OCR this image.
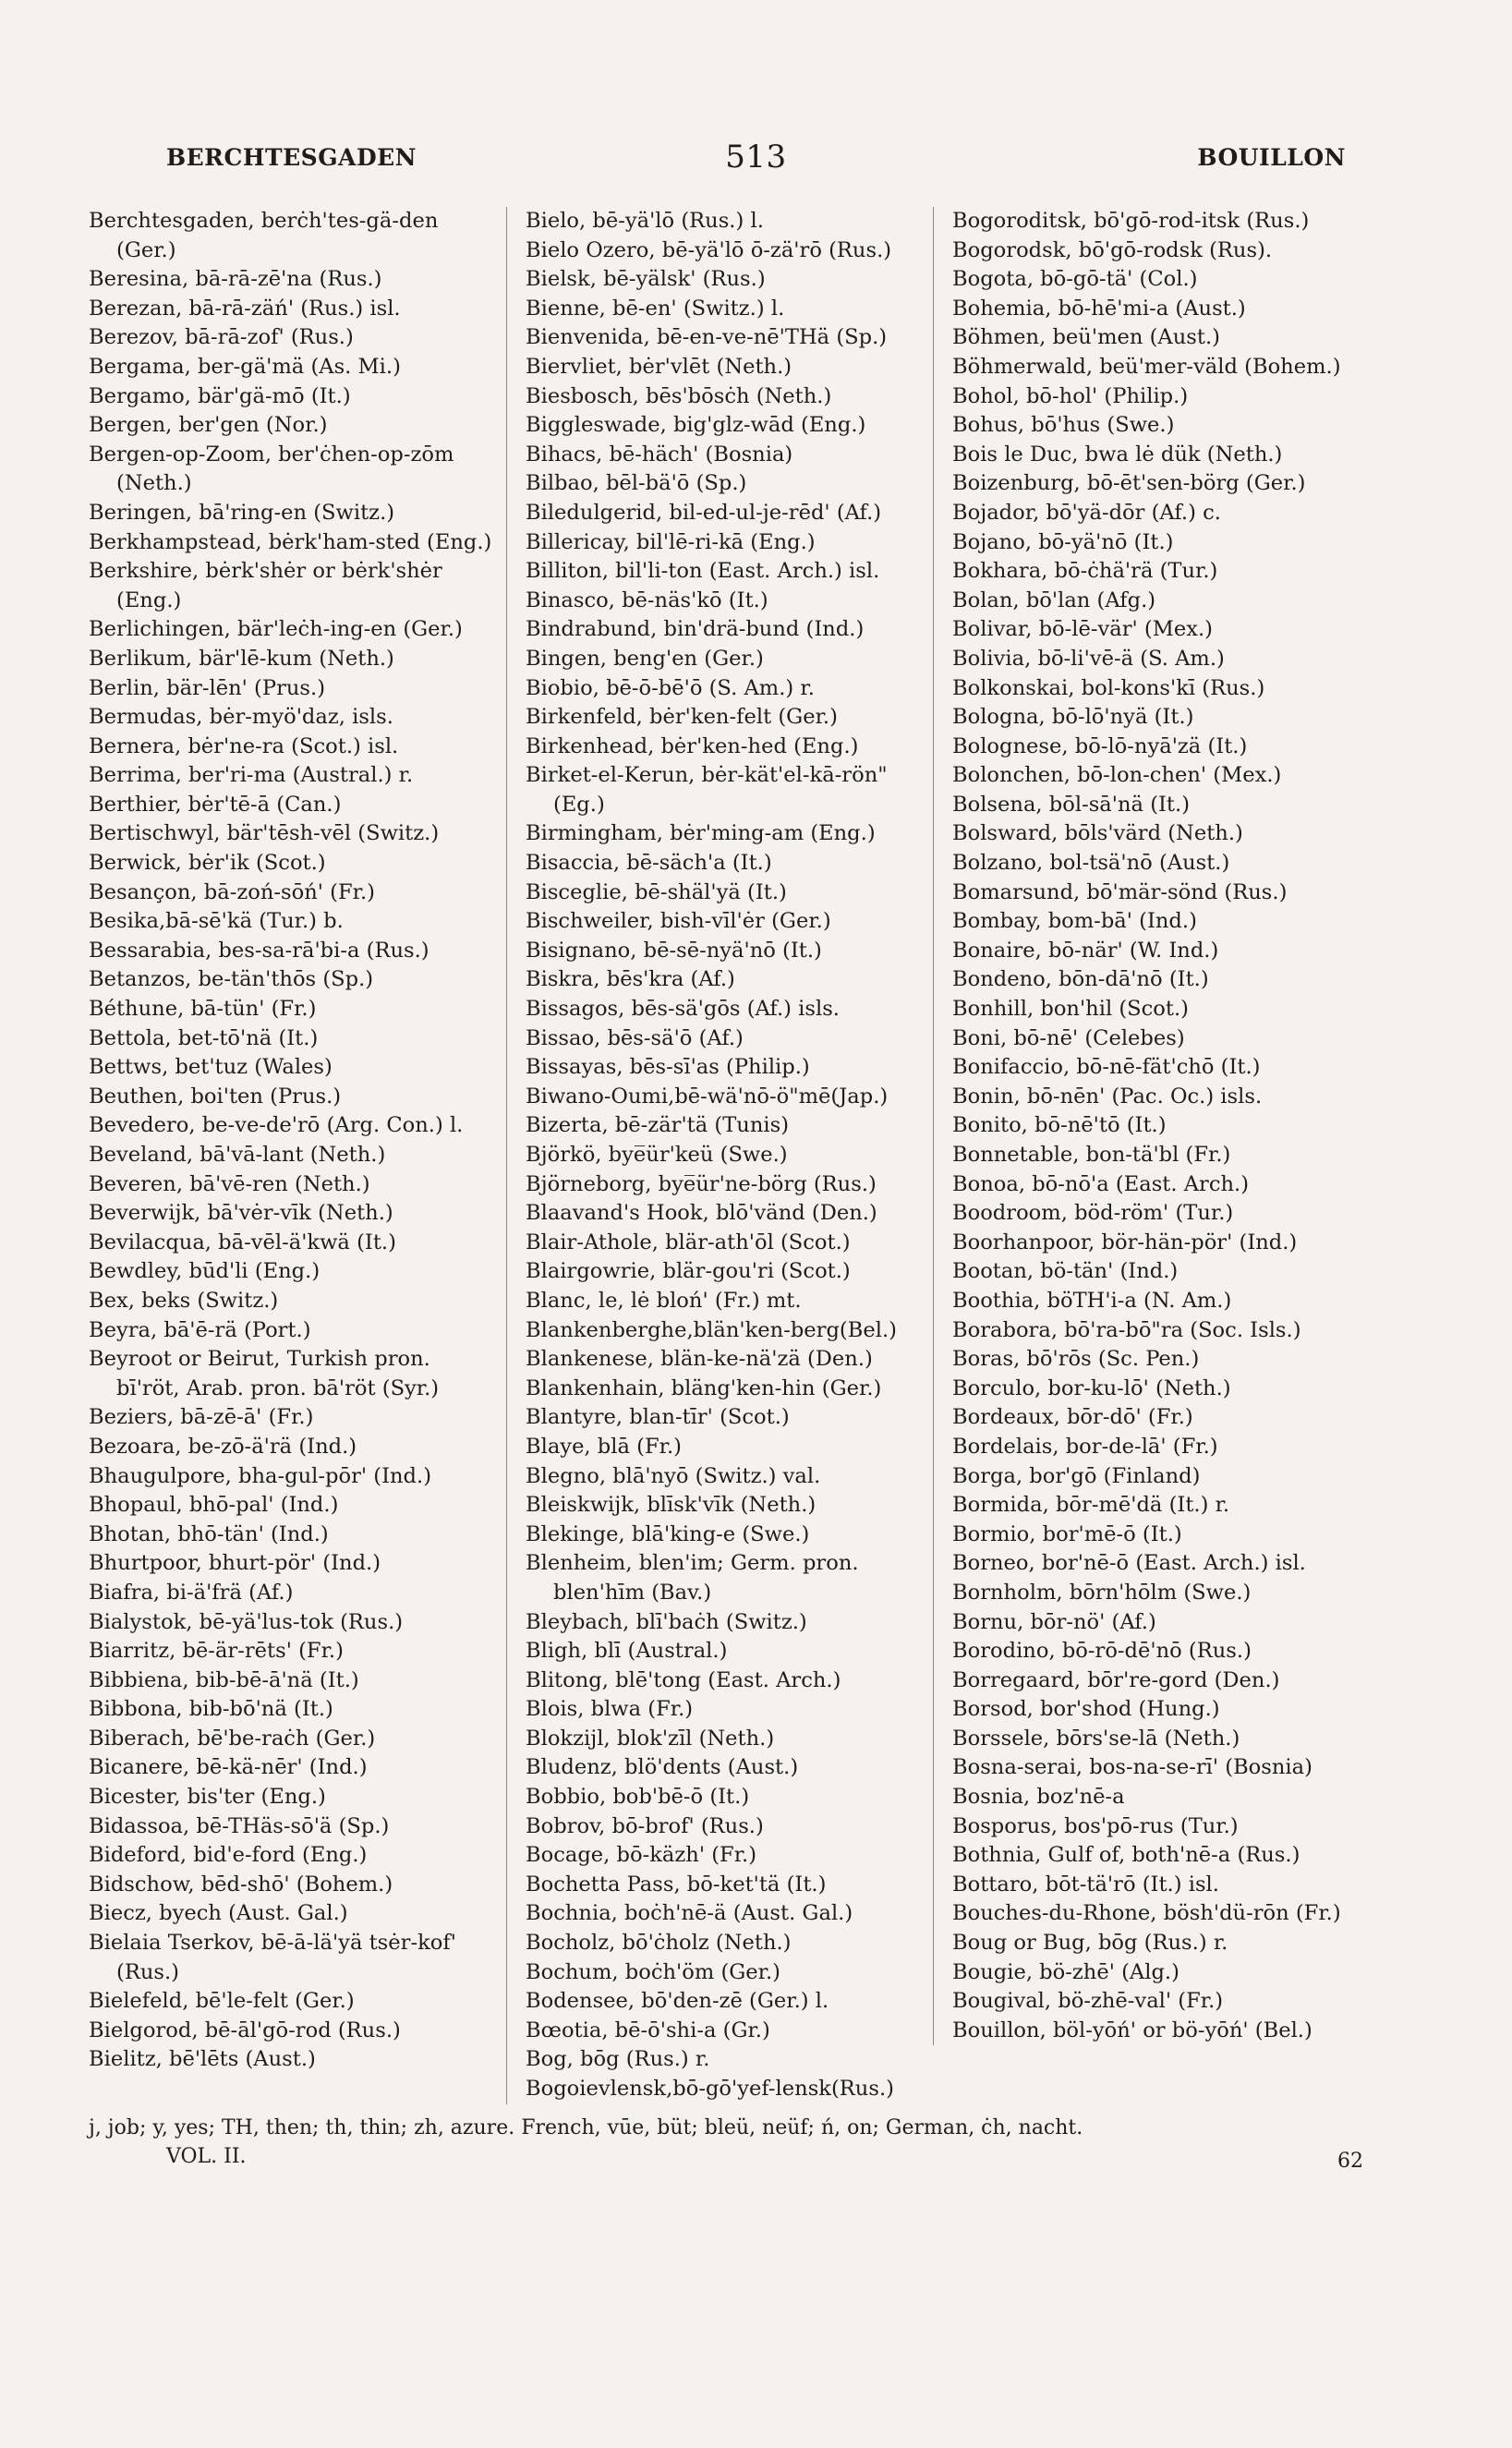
BERCHTESGADEN	513	BOUILLON
Berchtesgaden, berċh'tes-gä-den (Ger.)
Beresina, bā-rā-zē'na (Rus.)
Berezan, bā-rā-zäń' (Rus.) isl.
Berezov, bā-rā-zof' (Rus.)
Bergama, ber-gä'mä (As. Mi.)
Bergamo, bär'gä-mō (It.)
Bergen, ber'gen (Nor.)
Bergen-op-Zoom, ber'ċhen-op-zōm (Neth.)
Beringen, bā'ring-en (Switz.)
Berkhampstead, bėrk'ham-sted (Eng.)
Berkshire, bėrk'shėr or bėrk'shėr (Eng.)
Berlichingen, bär'leċh-ing-en (Ger.)
Berlikum, bär'lē-kum (Neth.)
Berlin, bär-lēn' (Prus.)
Bermudas, bėr-myö'daz, isls.
Bernera, bėr'ne-ra (Scot.) isl.
Berrima, ber'ri-ma (Austral.) r.
Berthier, bėr'tē-ā (Can.)
Bertischwyl, bär'tēsh-vēl (Switz.)
Berwick, bėr'ik (Scot.)
Besançon, bā-zoń-sōń' (Fr.)
Besika,bā-sē'kä (Tur.) b.
Bessarabia, bes-sa-rā'bi-a (Rus.)
Betanzos, be-tän'thōs (Sp.)
Béthune, bā-tün' (Fr.)
Bettola, bet-tō'nä (It.)
Bettws, bet'tuz (Wales)
Beuthen, boi'ten (Prus.)
Bevedero, be-ve-de'rō (Arg. Con.) l.
Beveland, bā'vā-lant (Neth.)
Beveren, bā'vē-ren (Neth.)
Beverwijk, bā'vėr-vīk (Neth.)
Bevilacqua, bā-vēl-ä'kwä (It.)
Bewdley, būd'li (Eng.)
Bex, beks (Switz.)
Beyra, bā'ē-rä (Port.)
Beyroot or Beirut, Turkish pron. bī'röt, Arab. pron. bā'röt (Syr.)
Beziers, bā-zē-ā' (Fr.)
Bezoara, be-zō-ä'rä (Ind.)
Bhaugulpore, bha-gul-pōr' (Ind.)
Bhopaul, bhō-pal' (Ind.)
Bhotan, bhō-tän' (Ind.)
Bhurtpoor, bhurt-pör' (Ind.)
Biafra, bi-ä'frä (Af.)
Bialystok, bē-yä'lus-tok (Rus.)
Biarritz, bē-är-rēts' (Fr.)
Bibbiena, bib-bē-ā'nä (It.)
Bibbona, bib-bō'nä (It.)
Biberach, bē'be-raċh (Ger.)
Bicanere, bē-kä-nēr' (Ind.)
Bicester, bis'ter (Eng.)
Bidassoa, bē-THäs-sō'ä (Sp.)
Bideford, bid'e-ford (Eng.)
Bidschow, bēd-shō' (Bohem.)
Biecz, byech (Aust. Gal.)
Bielaia Tserkov, bē-ā-lä'yä tsėr-kof' (Rus.)
Bielefeld, bē'le-felt (Ger.)
Bielgorod, bē-āl'gō-rod (Rus.)
Bielitz, bē'lēts (Aust.)
Bielo, bē-yä'lō (Rus.) l.
Bielo Ozero, bē-yä'lō ō-zä'rō (Rus.)
Bielsk, bē-yälsk' (Rus.)
Bienne, bē-en' (Switz.) l.
Bienvenida, bē-en-ve-nē'THä (Sp.)
Biervliet, bėr'vlēt (Neth.)
Biesbosch, bēs'bōsċh (Neth.)
Biggleswade, big'glz-wād (Eng.)
Bihacs, bē-häch' (Bosnia)
Bilbao, bēl-bä'ō (Sp.)
Biledulgerid, bil-ed-ul-je-rēd' (Af.)
Billericay, bil'lē-ri-kā (Eng.)
Billiton, bil'li-ton (East. Arch.) isl.
Binasco, bē-näs'kō (It.)
Bindrabund, bin'drä-bund (Ind.)
Bingen, beng'en (Ger.)
Biobio, bē-ō-bē'ō (S. Am.) r.
Birkenfeld, bėr'ken-felt (Ger.)
Birkenhead, bėr'ken-hed (Eng.)
Birket-el-Kerun, bėr-kät'el-kā-rön" (Eg.)
Birmingham, bėr'ming-am (Eng.)
Bisaccia, bē-säch'a (It.)
Bisceglie, bē-shäl'yä (It.)
Bischweiler, bish-vīl'ėr (Ger.)
Bisignano, bē-sē-nyä'nō (It.)
Biskra, bēs'kra (Af.)
Bissagos, bēs-sä'gōs (Af.) isls.
Bissao, bēs-sä'ō (Af.)
Bissayas, bēs-sī'as (Philip.)
Biwano-Oumi,bē-wä'nō-ö"mē(Jap.)
Bizerta, bē-zär'tä (Tunis)
Björkö, bye̅ür'keü (Swe.)
Björneborg, bye̅ür'ne-börg (Rus.)
Blaavand's Hook, blō'vänd (Den.)
Blair-Athole, blär-ath'ōl (Scot.)
Blairgowrie, blär-gou'ri (Scot.)
Blanc, le, lė bloń' (Fr.) mt.
Blankenberghe,blän'ken-berg(Bel.)
Blankenese, blän-ke-nä'zä (Den.)
Blankenhain, bläng'ken-hin (Ger.)
Blantyre, blan-tīr' (Scot.)
Blaye, blā (Fr.)
Blegno, blā'nyō (Switz.) val.
Bleiskwijk, blīsk'vīk (Neth.)
Blekinge, blā'king-e (Swe.)
Blenheim, blen'im; Germ. pron. blen'hīm (Bav.)
Bleybach, blī'baċh (Switz.)
Bligh, blī (Austral.)
Blitong, blē'tong (East. Arch.)
Blois, blwa (Fr.)
Blokzijl, blok'zīl (Neth.)
Bludenz, blö'dents (Aust.)
Bobbio, bob'bē-ō (It.)
Bobrov, bō-brof' (Rus.)
Bocage, bō-käzh' (Fr.)
Bochetta Pass, bō-ket'tä (It.)
Bochnia, boċh'nē-ä (Aust. Gal.)
Bocholz, bō'ċholz (Neth.)
Bochum, boċh'öm (Ger.)
Bodensee, bō'den-zē (Ger.) l.
Bœotia, bē-ō'shi-a (Gr.)
Bog, bōg (Rus.) r.
Bogoievlensk,bō-gō'yef-lensk(Rus.)
Bogoroditsk, bō'gō-rod-itsk (Rus.)
Bogorodsk, bō'gō-rodsk (Rus).
Bogota, bō-gō-tä' (Col.)
Bohemia, bō-hē'mi-a (Aust.)
Böhmen, beü'men (Aust.)
Böhmerwald, beü'mer-väld (Bohem.)
Bohol, bō-hol' (Philip.)
Bohus, bō'hus (Swe.)
Bois le Duc, bwa lė dük (Neth.)
Boizenburg, bō-ēt'sen-börg (Ger.)
Bojador, bō'yä-dōr (Af.) c.
Bojano, bō-yä'nō (It.)
Bokhara, bō-ċhä'rä (Tur.)
Bolan, bō'lan (Afg.)
Bolivar, bō-lē-vär' (Mex.)
Bolivia, bō-li'vē-ä (S. Am.)
Bolkonskai, bol-kons'kī (Rus.)
Bologna, bō-lō'nyä (It.)
Bolognese, bō-lō-nyā'zä (It.)
Bolonchen, bō-lon-chen' (Mex.)
Bolsena, bōl-sā'nä (It.)
Bolsward, bōls'värd (Neth.)
Bolzano, bol-tsä'nō (Aust.)
Bomarsund, bō'mär-sönd (Rus.)
Bombay, bom-bā' (Ind.)
Bonaire, bō-när' (W. Ind.)
Bondeno, bōn-dā'nō (It.)
Bonhill, bon'hil (Scot.)
Boni, bō-nē' (Celebes)
Bonifaccio, bō-nē-fät'chō (It.)
Bonin, bō-nēn' (Pac. Oc.) isls.
Bonito, bō-nē'tō (It.)
Bonnetable, bon-tä'bl (Fr.)
Bonoa, bō-nō'a (East. Arch.)
Boodroom, böd-röm' (Tur.)
Boorhanpoor, bör-hän-pör' (Ind.)
Bootan, bö-tän' (Ind.)
Boothia, böTH'i-a (N. Am.)
Borabora, bō'ra-bō"ra (Soc. Isls.)
Boras, bō'rōs (Sc. Pen.)
Borculo, bor-ku-lō' (Neth.)
Bordeaux, bōr-dō' (Fr.)
Bordelais, bor-de-lā' (Fr.)
Borga, bor'gō (Finland)
Bormida, bōr-mē'dä (It.) r.
Bormio, bor'mē-ō (It.)
Borneo, bor'nē-ō (East. Arch.) isl.
Bornholm, bōrn'hōlm (Swe.)
Bornu, bōr-nö' (Af.)
Borodino, bō-rō-dē'nō (Rus.)
Borregaard, bōr're-gord (Den.)
Borsod, bor'shod (Hung.)
Borssele, bōrs'se-lā (Neth.)
Bosna-serai, bos-na-se-rī' (Bosnia)
Bosnia, boz'nē-a
Bosporus, bos'pō-rus (Tur.)
Bothnia, Gulf of, both'nē-a (Rus.)
Bottaro, bōt-tä'rō (It.) isl.
Bouches-du-Rhone, bösh'dü-rōn (Fr.)
Boug or Bug, bōg (Rus.) r.
Bougie, bö-zhē' (Alg.)
Bougival, bö-zhē-val' (Fr.)
Bouillon, böl-yōń' or bö-yōń' (Bel.)
j, job; y, yes; TH, then; th, thin; zh, azure. French, vūe, büt; bleü, neüf; ń, on; German, ċh, nacht.
VOL. II.	62
